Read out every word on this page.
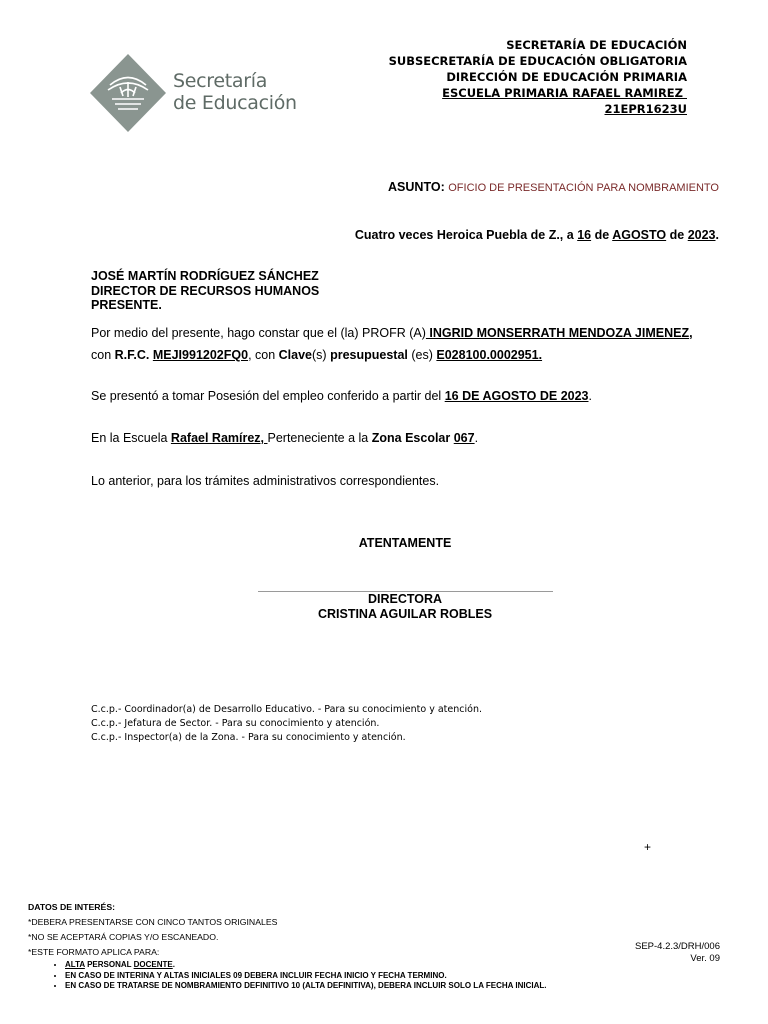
Secretaría
de Educación
SECRETARÍA DE EDUCACIÓN
SUBSECRETARÍA DE EDUCACIÓN OBLIGATORIA
DIRECCIÓN DE EDUCACIÓN PRIMARIA
ESCUELA PRIMARIA RAFAEL RAMIREZ
21EPR1623U
ASUNTO: OFICIO DE PRESENTACIÓN PARA NOMBRAMIENTO
Cuatro veces Heroica Puebla de Z., a 16 de AGOSTO de 2023.
JOSÉ MARTÍN RODRÍGUEZ SÁNCHEZ
DIRECTOR DE RECURSOS HUMANOS
PRESENTE.
Por medio del presente, hago constar que el (la) PROFR (A) INGRID MONSERRATH MENDOZA JIMENEZ,
con R.F.C. MEJI991202FQ0, con Clave(s) presupuestal (es) E028100.0002951.
Se presentó a tomar Posesión del empleo conferido a partir del 16 DE AGOSTO DE 2023.
En la Escuela Rafael Ramírez, Perteneciente a la Zona Escolar 067.
Lo anterior, para los trámites administrativos correspondientes.
ATENTAMENTE
DIRECTORA
CRISTINA AGUILAR ROBLES
C.c.p.- Coordinador(a) de Desarrollo Educativo. - Para su conocimiento y atención.
C.c.p.- Jefatura de Sector. - Para su conocimiento y atención.
C.c.p.- Inspector(a) de la Zona. - Para su conocimiento y atención.
+
DATOS DE INTERÉS:
*DEBERA PRESENTARSE CON CINCO TANTOS ORIGINALES
*NO SE ACEPTARÁ COPIAS Y/O ESCANEADO.
*ESTE FORMATO APLICA PARA:	SEP-4.2.3/DRH/006
Ver. 09
• ALTA PERSONAL DOCENTE.
• EN CASO DE INTERINA Y ALTAS INICIALES 09 DEBERA INCLUIR FECHA INICIO Y FECHA TERMINO.
• EN CASO DE TRATARSE DE NOMBRAMIENTO DEFINITIVO 10 (ALTA DEFINITIVA), DEBERA INCLUIR SOLO LA FECHA INICIAL.
